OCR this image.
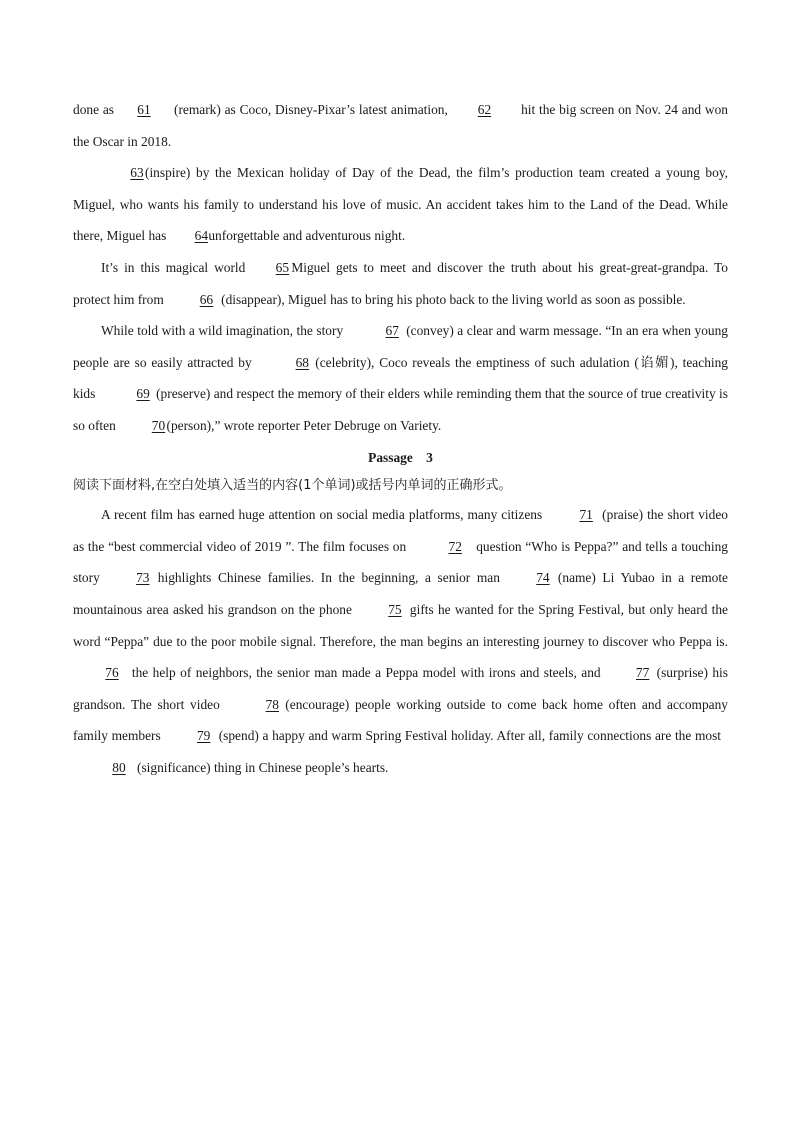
done as 61 (remark) as Coco, Disney-Pixar’s latest animation, 62 hit the big screen on Nov. 24 and won the Oscar in 2018.

63(inspire) by the Mexican holiday of Day of the Dead, the film’s production team created a young boy, Miguel, who wants his family to understand his love of music. An accident takes him to the Land of the Dead. While there, Miguel has 64unforgettable and adventurous night.

It’s in this magical world 65 Miguel gets to meet and discover the truth about his great-great-grandpa. To protect him from	66 (disappear), Miguel has to bring his photo back to the living world as soon as possible.

While told with a wild imagination, the story	67 (convey) a clear and warm message. “In an era when young people are so easily attracted by	68 (celebrity), Coco reveals the emptiness of such adulation (谄媚), teaching kids	69 (preserve) and respect the memory of their elders while reminding them that the source of true creativity is so often	70(person),” wrote reporter Peter Debruge on Variety.

Passage 3

阅读下面材料,在空白处填入适当的内容(1个单词)或括号内单词的正确形式。

A recent film has earned huge attention on social media platforms, many citizens	71 (praise) the short video as the “best commercial video of 2019 ”. The film focuses on	72 question “Who is Peppa?” and tells a touching story	73 highlights Chinese families. In the beginning, a senior man	74 (name) Li Yubao in a remote mountainous area asked his grandson on the phone	75 gifts he wanted for the Spring Festival, but only heard the word “Peppa” due to the poor mobile signal. Therefore, the man begins an interesting journey to discover who Peppa is.76 the help of neighbors, the senior man made a Peppa model with irons and steels, and	77 (surprise) his grandson. The short video	78 (encourage) people working outside to come back home often and accompany family members	79 (spend) a happy and warm Spring Festival holiday. After all, family connections are the most  80 (significance) thing in Chinese people’s hearts.
